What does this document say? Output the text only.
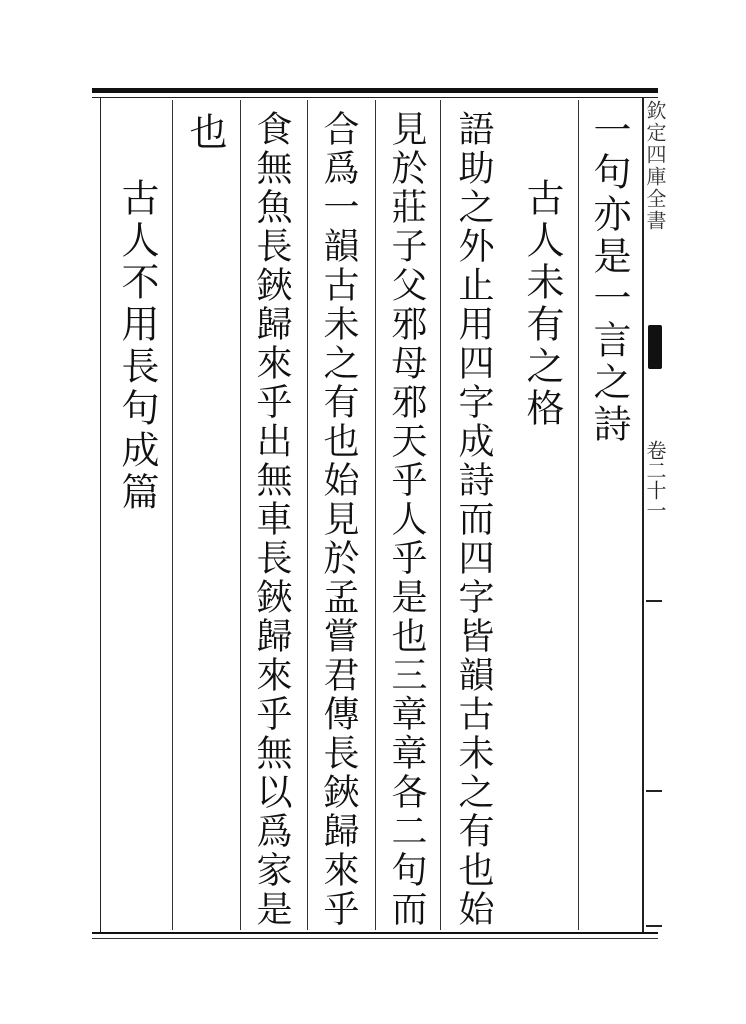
欽定四庫全書
卷二十一
一句亦是一言之詩
古人未有之格
語助之外止用四字成詩而四字皆韻古未之有也始
見於莊子父邪母邪天乎人乎是也三章章各二句而
合爲一韻古未之有也始見於孟嘗君傳長鋏歸來乎
食無魚長鋏歸來乎出無車長鋏歸來乎無以爲家是
也
古人不用長句成篇
